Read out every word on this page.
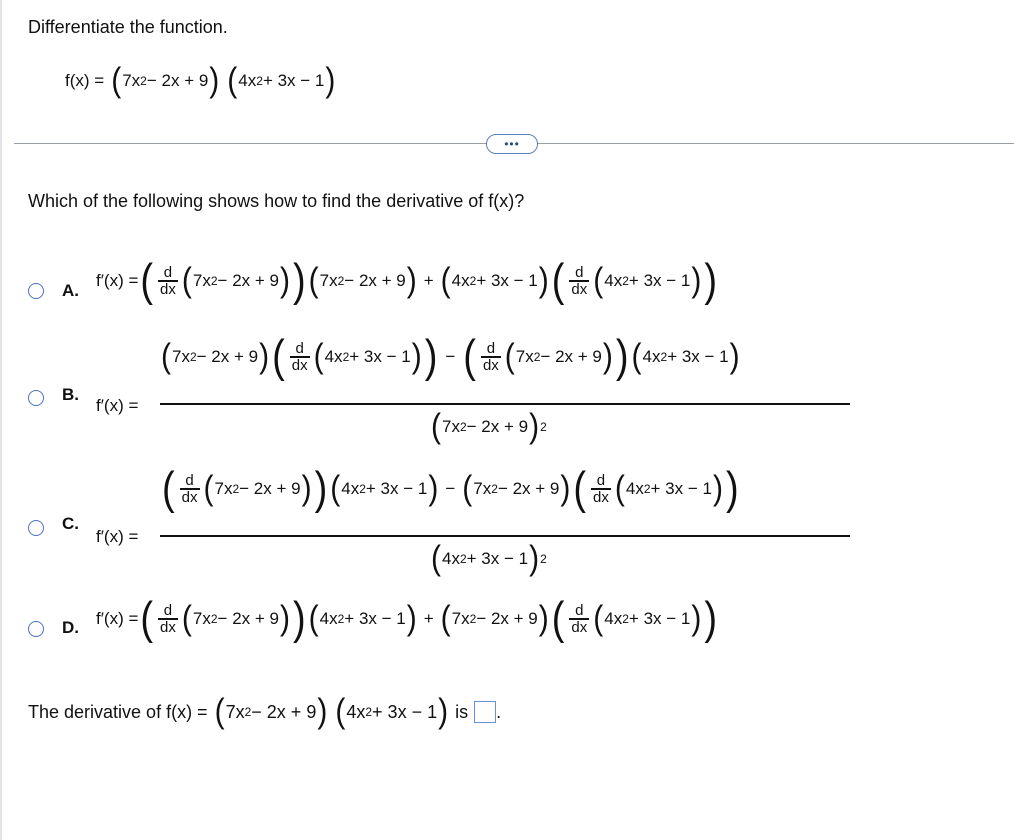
Differentiate the function.
f(x) = ( 7x 2 − 2x + 9 ) ( 4x 2 + 3x − 1 )
•••
Which of the following shows how to find the derivative of f(x)?
A.
f′(x) = ( $\frac{d}{dx}$ ( 7x 2 − 2x + 9 ) ) ( 7x 2 − 2x + 9 ) + ( 4x 2 + 3x − 1 ) ( $\frac{d}{dx}$ ( 4x 2 + 3x − 1 ) )
B.
f′(x) =
( 7x 2 − 2x + 9 ) ( $\frac{d}{dx}$ ( 4x 2 + 3x − 1 ) ) − ( $\frac{d}{dx}$ ( 7x 2 − 2x + 9 ) ) ( 4x 2 + 3x − 1 )
( 7x 2 − 2x + 9 ) 2
C.
f′(x) =
( $\frac{d}{dx}$ ( 7x 2 − 2x + 9 ) ) ( 4x 2 + 3x − 1 ) − ( 7x 2 − 2x + 9 ) ( $\frac{d}{dx}$ ( 4x 2 + 3x − 1 ) )
( 4x 2 + 3x − 1 ) 2
D. f′(x) = ( $\frac{d}{dx}$ ( 7x 2 − 2x + 9 ) ) ( 4x 2 + 3x − 1 ) + ( 7x 2 − 2x + 9 ) ( $\frac{d}{dx}$ ( 4x 2 + 3x − 1 ) )
The derivative of f(x) = ( 7x 2 − 2x + 9 ) ( 4x 2 + 3x − 1 ) is .
